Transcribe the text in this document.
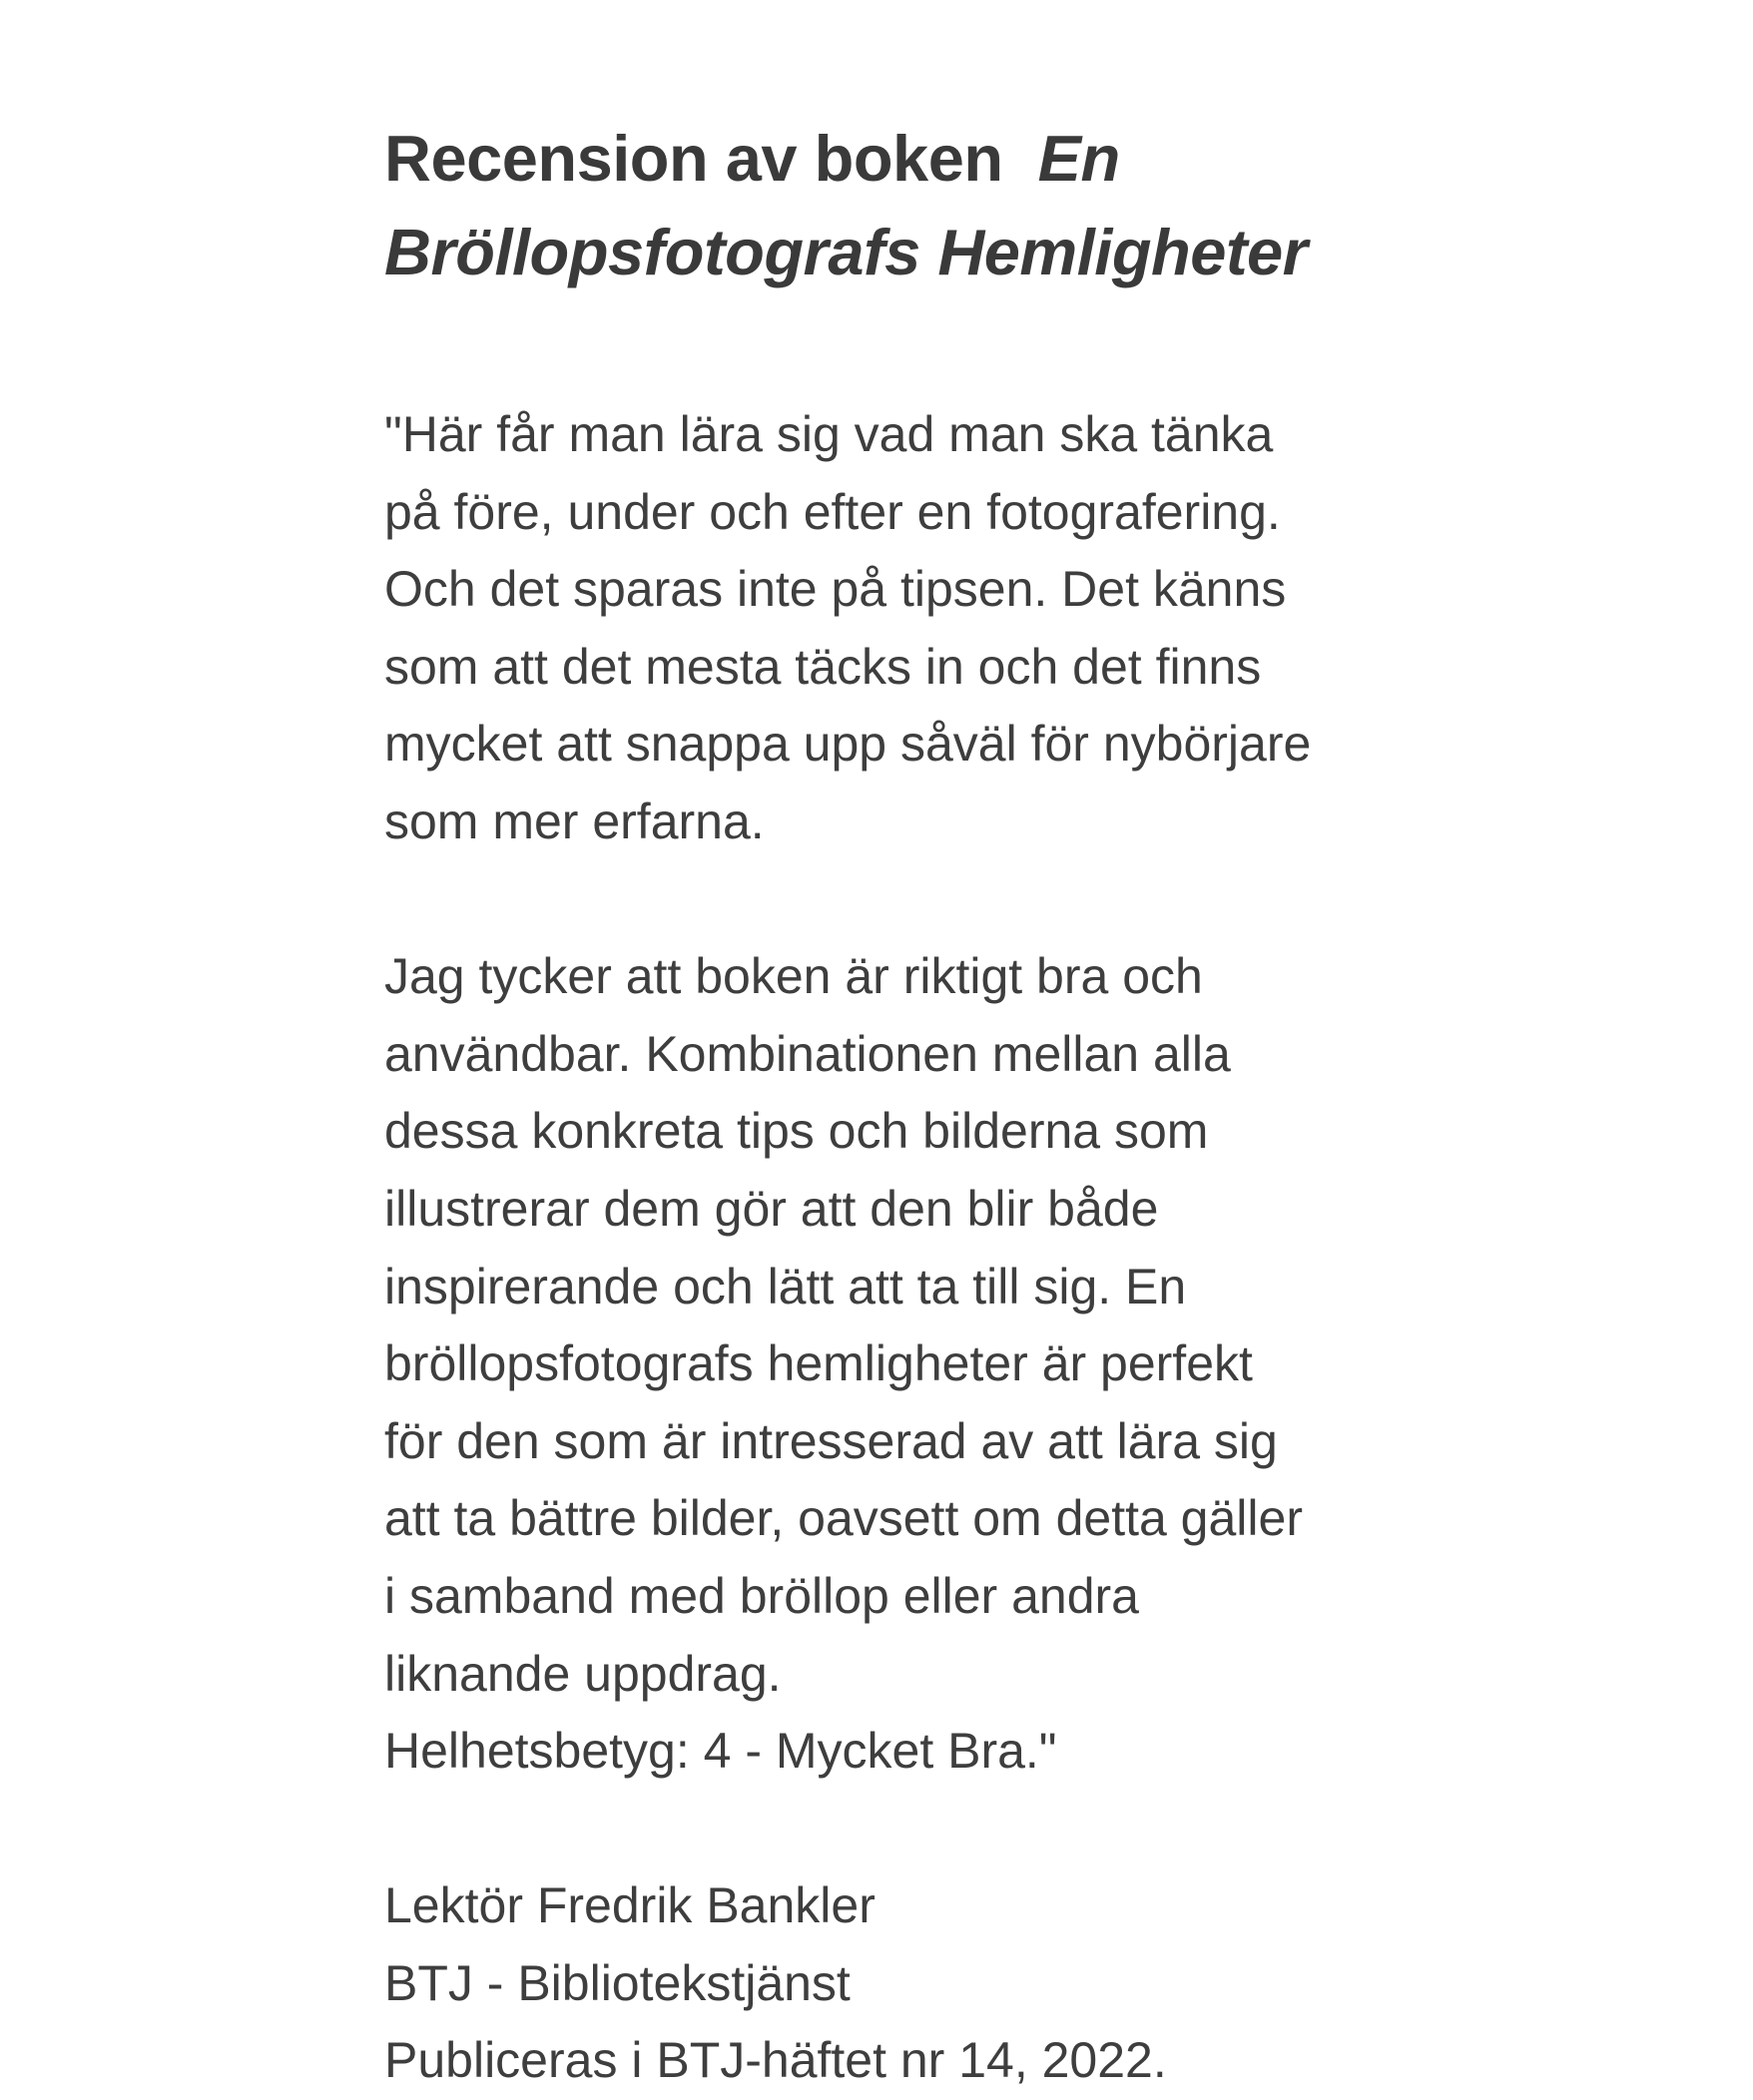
Recension av boken En Bröllopsfotografs Hemligheter

"Här får man lära sig vad man ska tänka
på före, under och efter en fotografering.
Och det sparas inte på tipsen. Det känns
som att det mesta täcks in och det finns
mycket att snappa upp såväl för nybörjare
som mer erfarna.

Jag tycker att boken är riktigt bra och
användbar. Kombinationen mellan alla
dessa konkreta tips och bilderna som
illustrerar dem gör att den blir både
inspirerande och lätt att ta till sig. En
bröllopsfotografs hemligheter är perfekt
för den som är intresserad av att lära sig
att ta bättre bilder, oavsett om detta gäller
i samband med bröllop eller andra
liknande uppdrag.
Helhetsbetyg: 4 - Mycket Bra."

Lektör Fredrik Bankler
BTJ - Bibliotekstjänst
Publiceras i BTJ-häftet nr 14, 2022.
